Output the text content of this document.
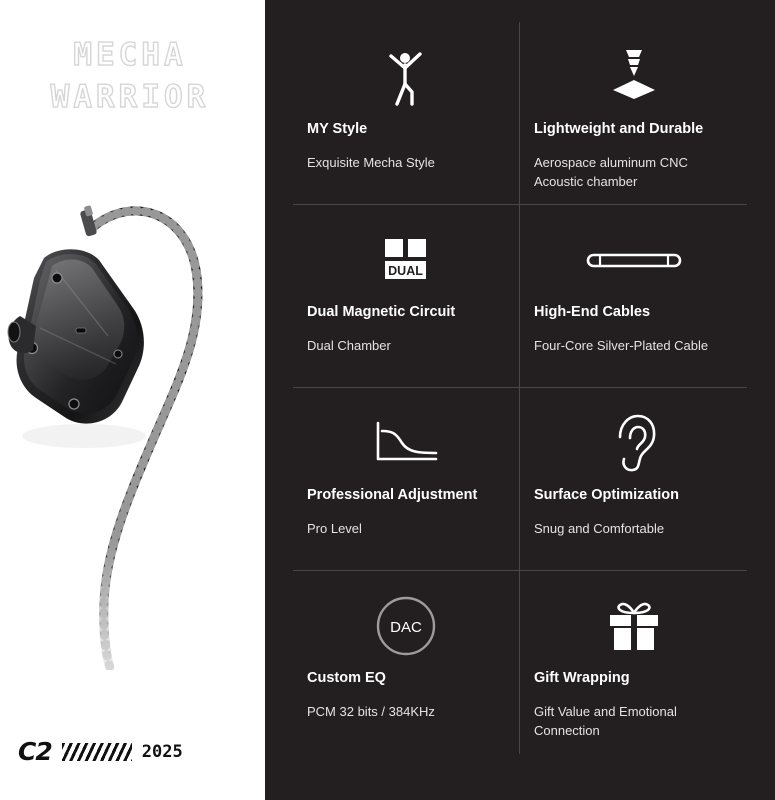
MECHA
WARRIOR
C2	2025
MY Style
Exquisite Mecha Style
Lightweight and Durable
Aerospace aluminum CNC Acoustic chamber
DUAL
Dual Magnetic Circuit
Dual Chamber
High-End Cables
Four-Core Silver-Plated Cable
Professional Adjustment
Pro Level
Surface Optimization
Snug and Comfortable
DAC
Custom EQ
PCM 32 bits / 384KHz
Gift Wrapping
Gift Value and Emotional Connection
